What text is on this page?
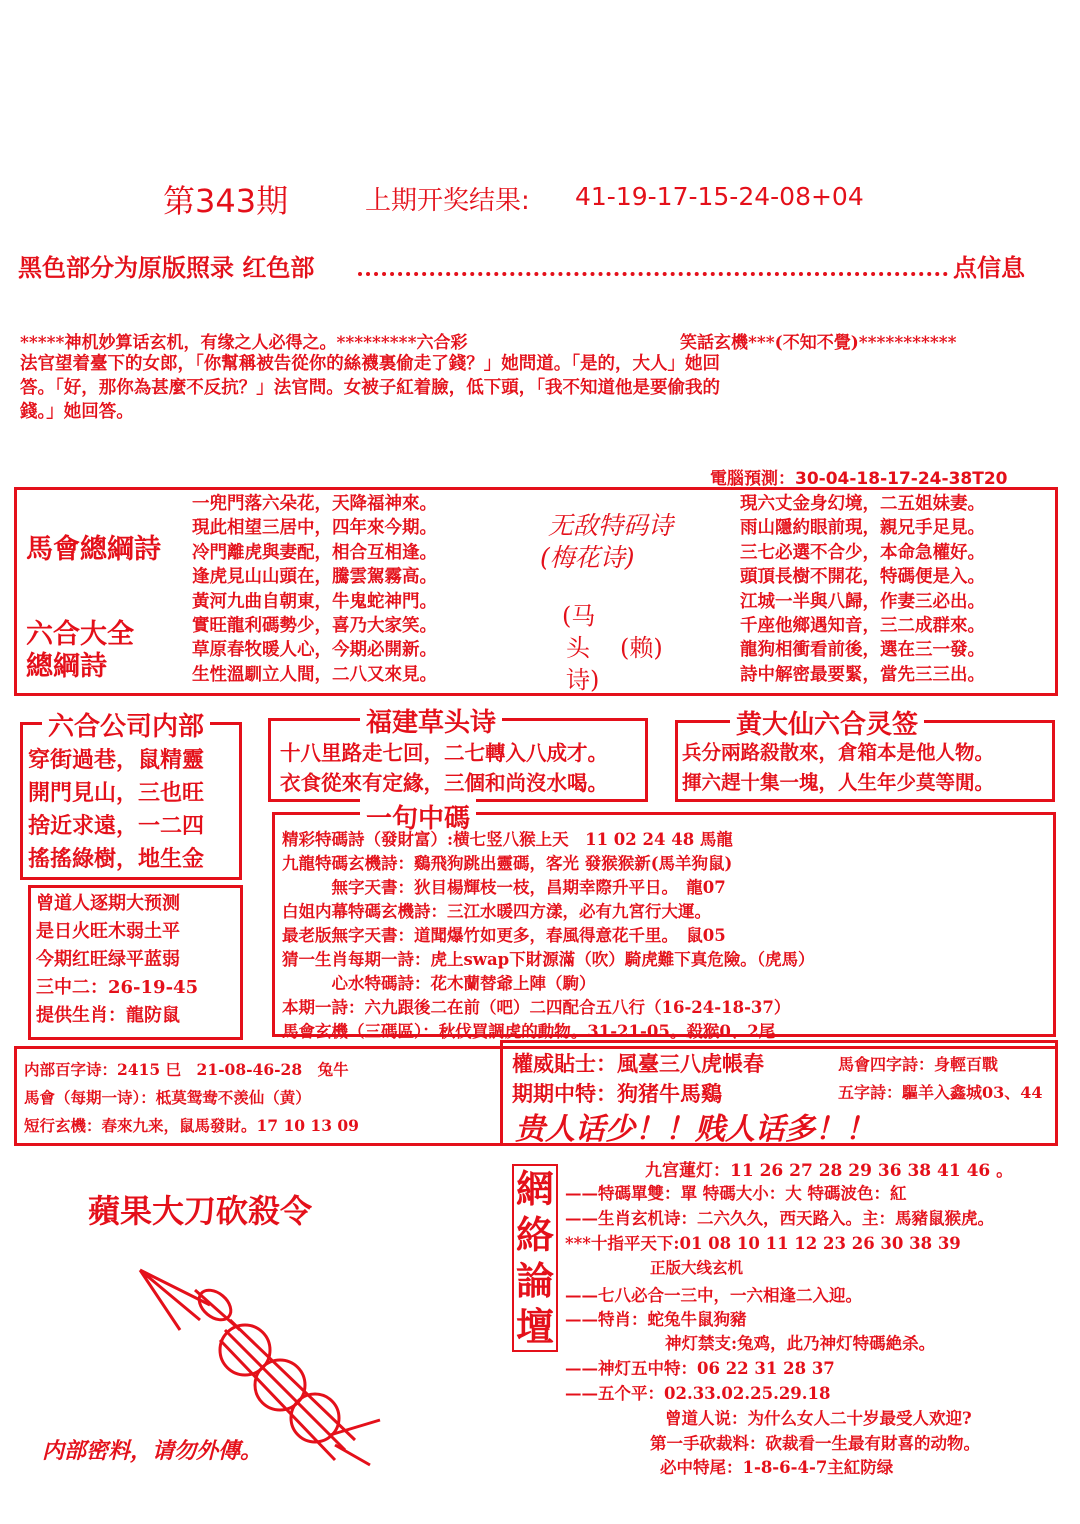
第343期	上期开奖结果: 41-19-17-15-24-08+04
黑色部分为原版照录 红色部	点信息
*****神机妙算话玄机，有缘之人必得之。*********六合彩	笑話玄機***(不知不覺)***********
法官望着臺下的女郎，「你幫稱被告從你的絲襪裏偷走了錢？」她問道。「是的，大人」她回
答。「好，那你為甚麼不反抗？」法官問。女被子紅着臉，低下頭，「我不知道他是要偷我的
錢。」她回答。
電腦預測：30-04-18-17-24-38T20
馬會總綱詩
六合大全
總綱詩
一兜門落六朵花，天降福神來。
現此相望三居中，四年來今期。
冷門離虎與妻配，相合互相逢。
逢虎見山山頭在，騰雲駕霧高。
黃河九曲自朝東，牛鬼蛇神門。
實旺龍利碼勢少，喜乃大家笑。
草原春牧暖人心，今期必開新。
生性溫馴立人間，二八又來見。
无敌特码诗
(梅花诗)
(马
头
诗)
(赖)
現六丈金身幻境，二五姐妹妻。
雨山隱約眼前現，親兄手足見。
三七必選不合少，本命急權好。
頭頂長樹不開花，特碼便是入。
江城一半與八歸，作妻三必出。
千座他鄉遇知音，三二成群來。
龍狗相衝看前後，選在三一發。
詩中解密最要緊，當先三三出。
六合公司内部
穿街過巷，鼠精靈
開門見山，三也旺
捨近求遠，一二四
搖搖綠樹，地生金
福建草头诗
十八里路走七回，二七轉入八成才。
衣食從來有定緣，三個和尚沒水喝。
黄大仙六合灵签
兵分兩路殺散來，倉箱本是他人物。
揮六趕十集一塊，人生年少莫等閒。
一句中碼
精彩特碼詩（發財富）:横七竖八猴上天　11 02 24 48 馬龍
九龍特碼玄機詩：鷄飛狗跳出靈碼，客光 發猴猴新(馬羊狗鼠)
　　　無字天書：狄目楊輝枝一枝，昌期幸際升平日。　龍07
白姐内幕特碼玄機詩：三江水暖四方漾，必有九宮行大運。
最老版無字天書：道聞爆竹如更多，春風得意花千里。　鼠05
猜一生肖每期一詩：虎上swap下財源滿（吹）騎虎難下真危險。（虎馬）
　　　心水特碼詩：花木蘭替爺上陣（駒）
本期一詩：六九跟後二在前（吧）二四配合五八行（16-24-18-37）
馬會玄機（三碼區）：秋伐買調虎的動物。31-21-05。殺猴0、2尾
曾道人逐期大预测
是日火旺木弱土平
今期红旺绿平蓝弱
三中二：26-19-45
提供生肖：龍防鼠
内部百字诗：2415 巳　21-08-46-28　兔牛
馬會（每期一诗）：柢莫鸳鸯不羡仙（黄）
短行玄機：春來九来，鼠馬發財。17 10 13 09
權威貼士：風臺三八虎帳春	馬會四字詩：身輕百戰
期期中特：狗猪牛馬鷄	五字詩：驅羊入鑫城03、44
贵人话少！！贱人话多！！
蘋果大刀砍殺令
内部密料，请勿外傳。
網
絡
論
壇
九宫蓮灯：11 26 27 28 29 36 38 41 46 。
——特碼單雙：單 特碼大小：大 特碼波色：紅
——生肖玄机诗：二六久久，西天路入。主：馬豬鼠猴虎。
***十指平天下:01 08 10 11 12 23 26 30 38 39
正版大线玄机
——七八必合一三中，一六相逢二入迎。
——特肖：蛇兔牛鼠狗豬
神灯禁支:兔鸡，此乃神灯特碼絶杀。
——神灯五中特：06 22 31 28 37
——五个平：02.33.02.25.29.18
曾道人说：为什么女人二十岁最受人欢迎?
第一手砍裁料：砍裁看一生最有財喜的动物。
必中特尾：1-8-6-4-7主紅防绿
